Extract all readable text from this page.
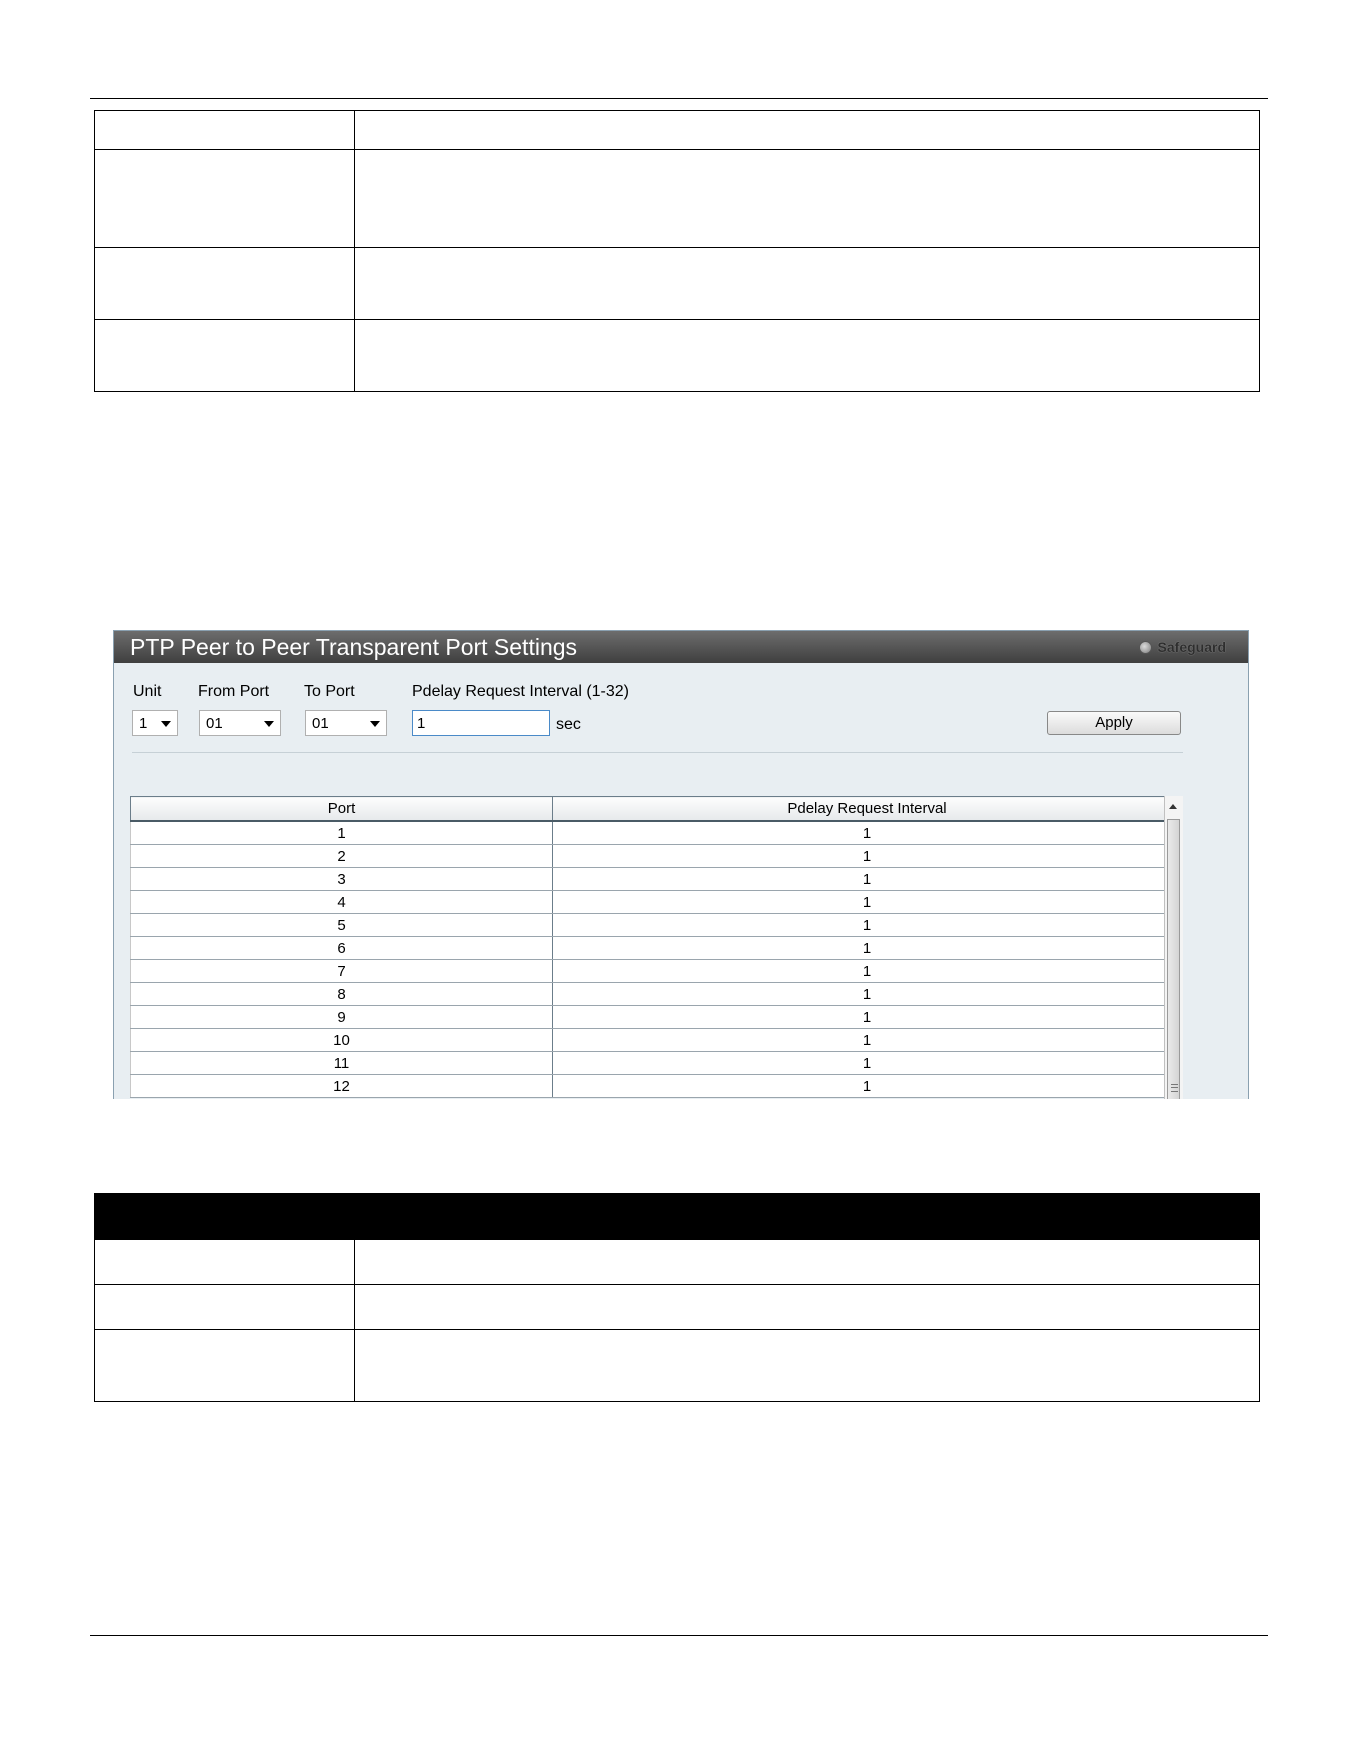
PTP Peer to Peer Transparent Port Settings	Safeguard
Unit From Port To Port	Pdelay Request Interval (1-32)
1	01	01
1	sec	Apply
Port	Pdelay Request Interval
1	1
2	1
3	1
4	1
5	1
6	1
7	1
8	1
9	1
10	1
11	1
12	1
